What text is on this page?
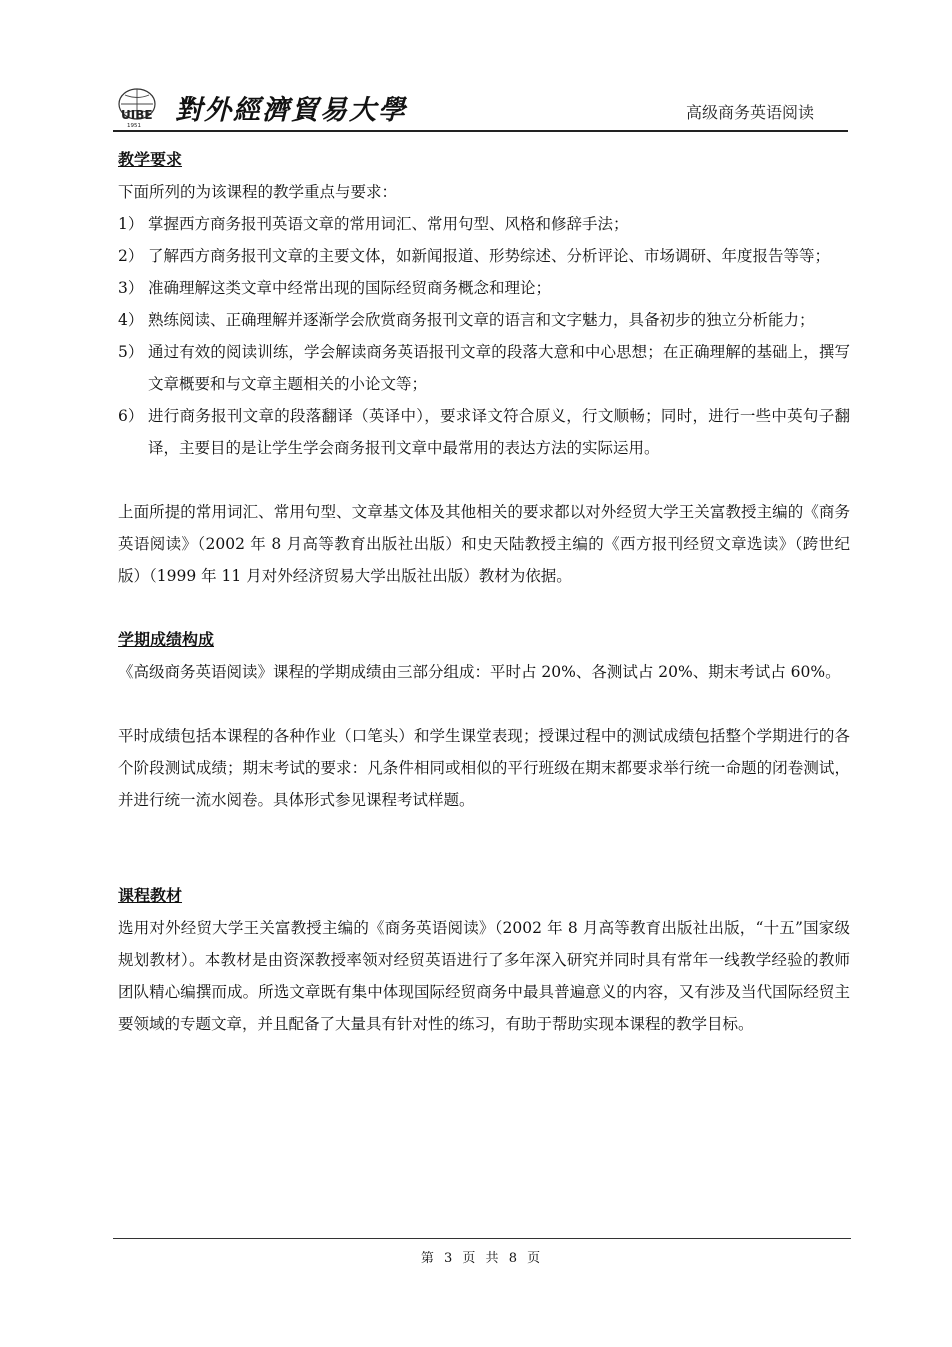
UIBE
1951 對外經濟貿易大學	高级商务英语阅读
教学要求

下面所列的为该课程的教学重点与要求：

1） 掌握西方商务报刊英语文章的常用词汇、常用句型、风格和修辞手法；
2） 了解西方商务报刊文章的主要文体，如新闻报道、形势综述、分析评论、市场调研、年度报告等等；
3） 准确理解这类文章中经常出现的国际经贸商务概念和理论；
4） 熟练阅读、正确理解并逐渐学会欣赏商务报刊文章的语言和文字魅力，具备初步的独立分析能力；
5） 通过有效的阅读训练，学会解读商务英语报刊文章的段落大意和中心思想；在正确理解的基础上，撰写文章概要和与文章主题相关的小论文等；
6） 进行商务报刊文章的段落翻译（英译中），要求译文符合原义，行文顺畅；同时，进行一些中英句子翻译，主要目的是让学生学会商务报刊文章中最常用的表达方法的实际运用。

上面所提的常用词汇、常用句型、文章基文体及其他相关的要求都以对外经贸大学王关富教授主编的《商务英语阅读》（2002 年 8 月高等教育出版社出版）和史天陆教授主编的《西方报刊经贸文章选读》（跨世纪版）（1999 年 11 月对外经济贸易大学出版社出版）教材为依据。

学期成绩构成

《高级商务英语阅读》课程的学期成绩由三部分组成：平时占 20%、各测试占 20%、期末考试占 60%。

平时成绩包括本课程的各种作业（口笔头）和学生课堂表现；授课过程中的测试成绩包括整个学期进行的各个阶段测试成绩；期末考试的要求：凡条件相同或相似的平行班级在期末都要求举行统一命题的闭卷测试，并进行统一流水阅卷。具体形式参见课程考试样题。

课程教材

选用对外经贸大学王关富教授主编的《商务英语阅读》（2002 年 8 月高等教育出版社出版，“十五”国家级规划教材）。本教材是由资深教授率领对经贸英语进行了多年深入研究并同时具有常年一线教学经验的教师团队精心编撰而成。所选文章既有集中体现国际经贸商务中最具普遍意义的内容，又有涉及当代国际经贸主要领域的专题文章，并且配备了大量具有针对性的练习，有助于帮助实现本课程的教学目标。

第 3 页 共 8 页
